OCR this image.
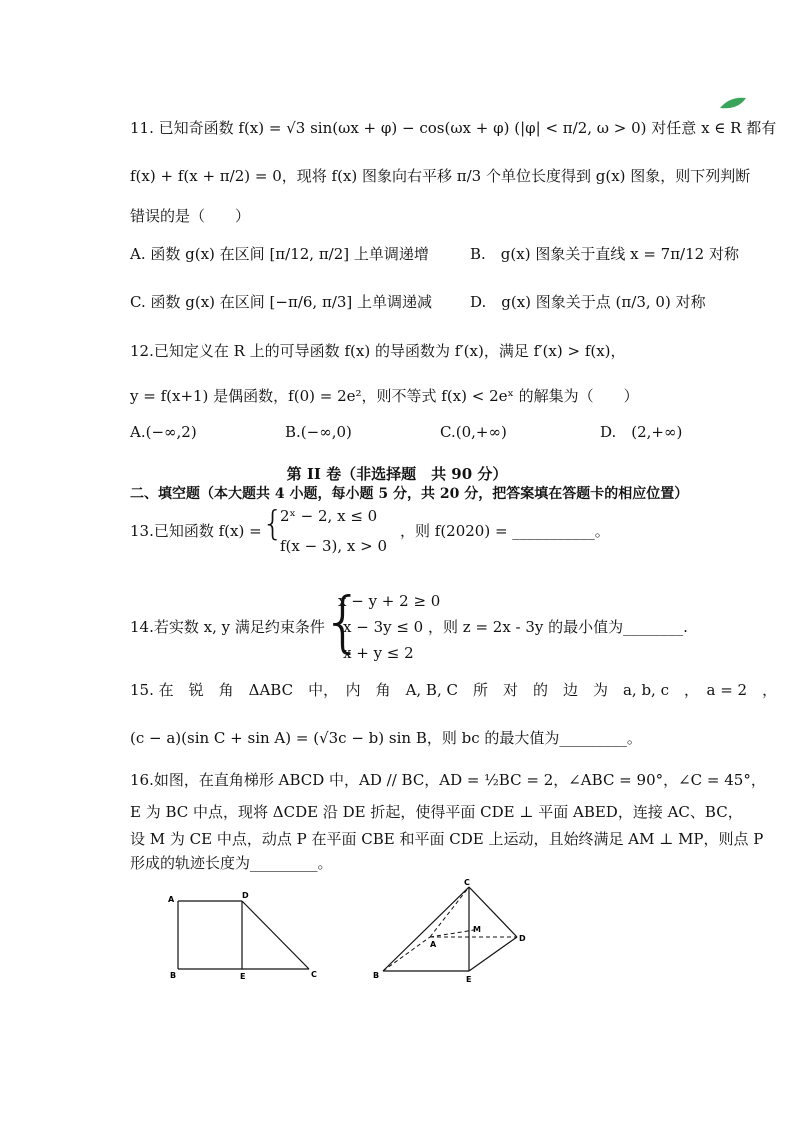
11. 已知奇函数 f(x) = √3 sin(ωx + φ) − cos(ωx + φ) (|φ| < π/2, ω > 0) 对任意 x ∈ R 都有
f(x) + f(x + π/2) = 0，现将 f(x) 图象向右平移 π/3 个单位长度得到 g(x) 图象，则下列判断
错误的是（　　）
A. 函数 g(x) 在区间 [π/12, π/2] 上单调递增	B.　g(x) 图象关于直线 x = 7π/12 对称
C. 函数 g(x) 在区间 [−π/6, π/3] 上单调递减	D.　g(x) 图象关于点 (π/3, 0) 对称
12.已知定义在 R 上的可导函数 f(x) 的导函数为 f′(x)，满足 f′(x) > f(x)，
y = f(x+1) 是偶函数，f(0) = 2e²，则不等式 f(x) < 2eˣ 的解集为（　　）
A.(−∞,2)	B.(−∞,0)	C.(0,+∞)	D.　(2,+∞)
第 II 卷（非选择题　共 90 分）
二、填空题（本大题共 4 小题，每小题 5 分，共 20 分，把答案填在答题卡的相应位置）
13.已知函数 f(x) = {
2ˣ − 2, x ≤ 0
f(x − 3), x > 0
，则 f(2020) = ___________。
14.若实数 x, y 满足约束条件
{
x − y + 2 ≥ 0
x − 3y ≤ 0
x + y ≤ 2
，则 z = 2x - 3y 的最小值为________.
15. 在　锐　角　ΔABC　中，　内　角　A, B, C　所　对　的　边　为　a, b, c　，　a = 2　，
(c − a)(sin C + sin A) = (√3c − b) sin B，则 bc 的最大值为_________。
16.如图，在直角梯形 ABCD 中，AD // BC，AD = ½BC = 2，∠ABC = 90°，∠C = 45°，
E 为 BC 中点，现将 ΔCDE 沿 DE 折起，使得平面 CDE ⊥ 平面 ABED，连接 AC、BC，
设 M 为 CE 中点，动点 P 在平面 CBE 和平面 CDE 上运动，且始终满足 AM ⊥ MP，则点 P
形成的轨迹长度为_________。
A	D
B	E	C
C
A
M
D
B	E
